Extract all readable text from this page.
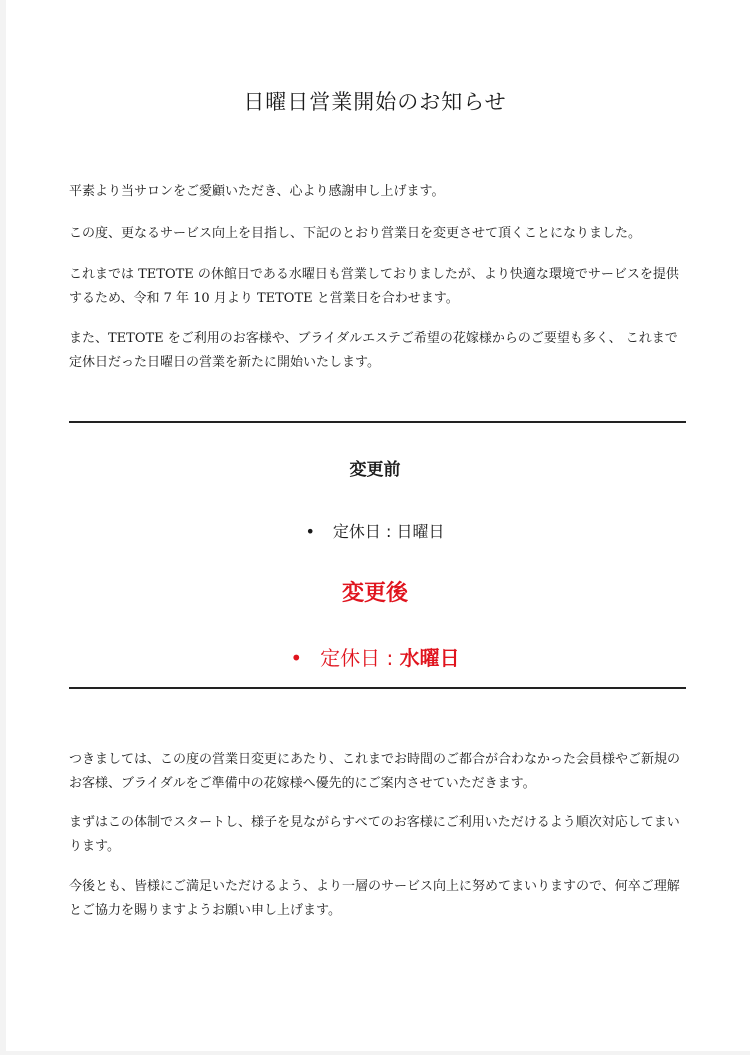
日曜日営業開始のお知らせ

平素より当サロンをご愛顧いただき、心より感謝申し上げます。

この度、更なるサービス向上を目指し、下記のとおり営業日を変更させて頂くことになりました。

これまでは TETOTE の休館日である水曜日も営業しておりましたが、より快適な環境でサービスを提供するため、令和 7 年 10 月より TETOTE と営業日を合わせます。

また、TETOTE をご利用のお客様や、ブライダルエステご希望の花嫁様からのご要望も多く、 これまで定休日だった日曜日の営業を新たに開始いたします。

変更前
• 定休日 : 日曜日
変更後
• 定休日 : 水曜日

つきましては、この度の営業日変更にあたり、これまでお時間のご都合が合わなかった会員様やご新規のお客様、ブライダルをご準備中の花嫁様へ優先的にご案内させていただきます。

まずはこの体制でスタートし、様子を見ながらすべてのお客様にご利用いただけるよう順次対応してまいります。

今後とも、皆様にご満足いただけるよう、より一層のサービス向上に努めてまいりますので、何卒ご理解とご協力を賜りますようお願い申し上げます。
